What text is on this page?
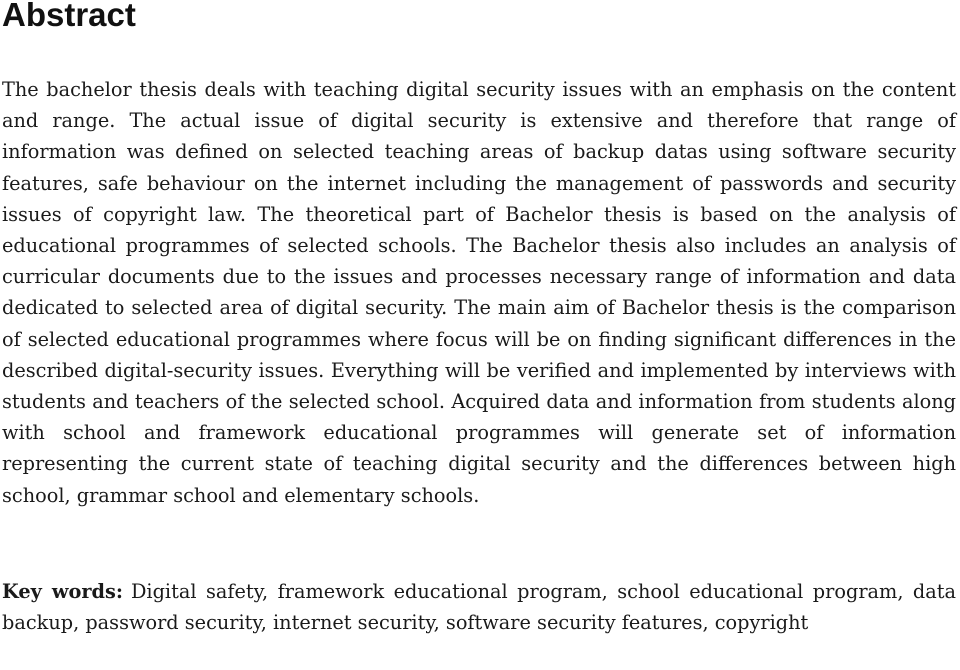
Abstract

The bachelor thesis deals with teaching digital security issues with an emphasis on the content and range. The actual issue of digital security is extensive and therefore that range of information was defined on selected teaching areas of backup datas using software security features, safe behaviour on the internet including the management of passwords and security issues of copyright law. The theoretical part of Bachelor thesis is based on the analysis of educational programmes of selected schools. The Bachelor thesis also includes an analysis of curricular documents due to the issues and processes necessary range of information and data dedicated to selected area of digital security. The main aim of Bachelor thesis is the comparison of selected educational programmes where focus will be on finding significant differences in the described digital-security issues. Everything will be verified and implemented by interviews with students and teachers of the selected school. Acquired data and information from students along with school and framework educational programmes will generate set of information representing the current state of teaching digital security and the differences between high school, grammar school and elementary schools.

Key words: Digital safety, framework educational program, school educational program, data backup, password security, internet security, software security features, copyright
